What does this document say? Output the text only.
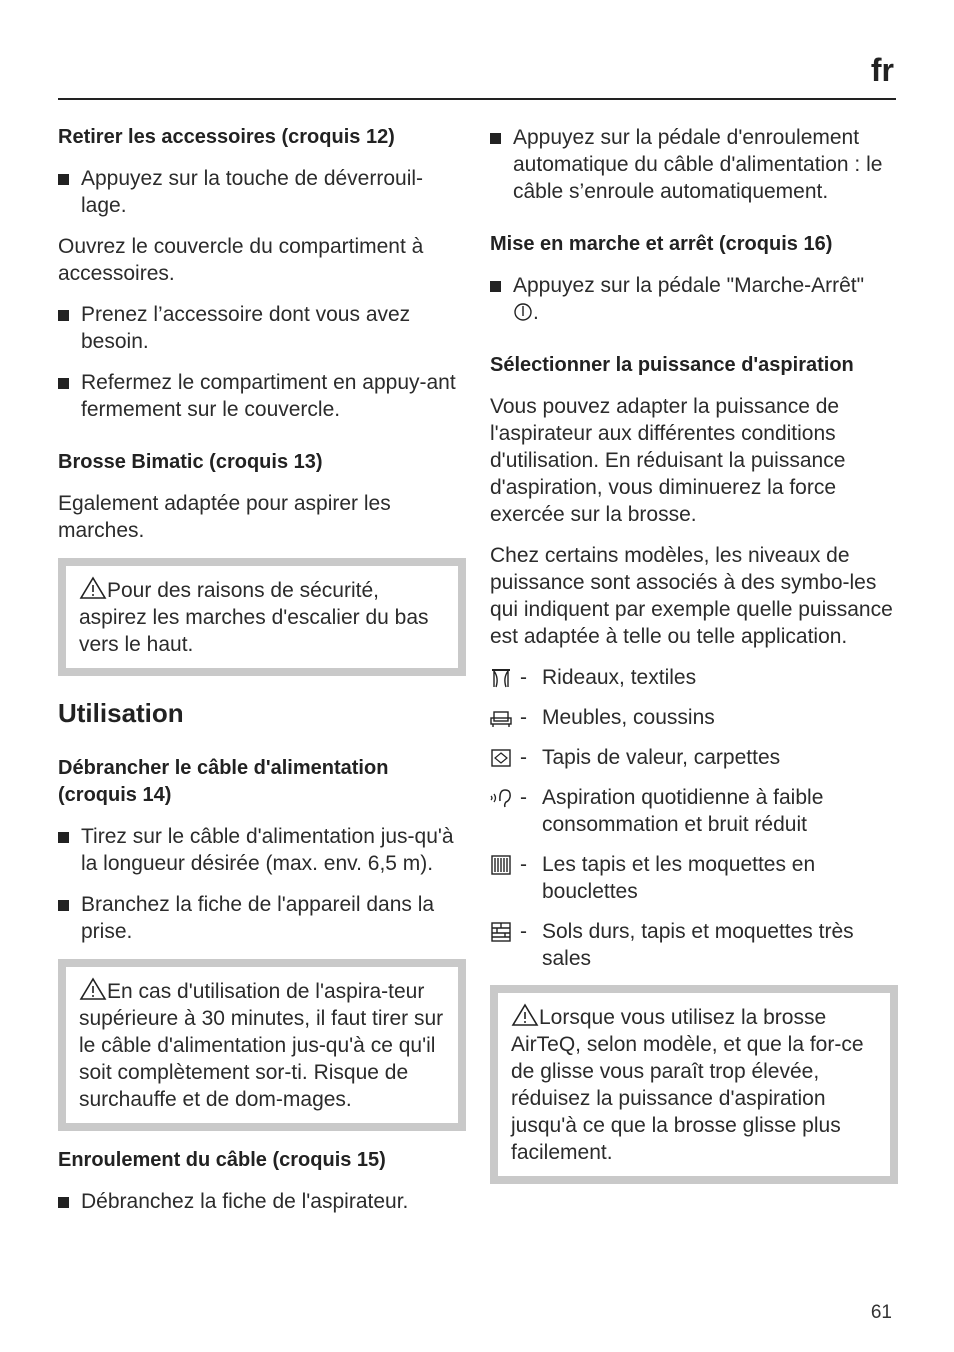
fr
Retirer les accessoires (croquis 12)
Appuyez sur la touche de déverrouil-lage.

Ouvrez le couvercle du compartiment à accessoires.

Prenez l’accessoire dont vous avez besoin.
Refermez le compartiment en appuy-ant fermement sur le couvercle.
Brosse Bimatic (croquis 13)

Egalement adaptée pour aspirer les marches.

Pour des raisons de sécurité, aspirez les marches d'escalier du bas vers le haut.
Utilisation
Débrancher le câble d'alimentation (croquis 14)
Tirez sur le câble d'alimentation jus-qu'à la longueur désirée (max. env. 6,5 m).
Branchez la fiche de l'appareil dans la prise.
En cas d'utilisation de l'aspira-teur supérieure à 30 minutes, il faut tirer sur le câble d'alimentation jus-qu'à ce qu'il soit complètement sor-ti. Risque de surchauffe et de dom-mages.
Enroulement du câble (croquis 15)
Débranchez la fiche de l'aspirateur.
Appuyez sur la pédale d'enroulement automatique du câble d'alimentation : le câble s’enroule automatiquement.
Mise en marche et arrêt (croquis 16)
Appuyez sur la pédale "Marche-Arrêt"
.
Sélectionner la puissance d'aspiration

Vous pouvez adapter la puissance de l'aspirateur aux différentes conditions d'utilisation. En réduisant la puissance d'aspiration, vous diminuerez la force exercée sur la brosse.

Chez certains modèles, les niveaux de puissance sont associés à des symbo-les qui indiquent par exemple quelle puissance est adaptée à telle ou telle application.

- Rideaux, textiles
- Meubles, coussins
- Tapis de valeur, carpettes
- Aspiration quotidienne à faible consommation et bruit réduit
- Les tapis et les moquettes en bouclettes
- Sols durs, tapis et moquettes très sales
Lorsque vous utilisez la brosse AirTeQ, selon modèle, et que la for-ce de glisse vous paraît trop élevée, réduisez la puissance d'aspiration jusqu'à ce que la brosse glisse plus facilement.
61
